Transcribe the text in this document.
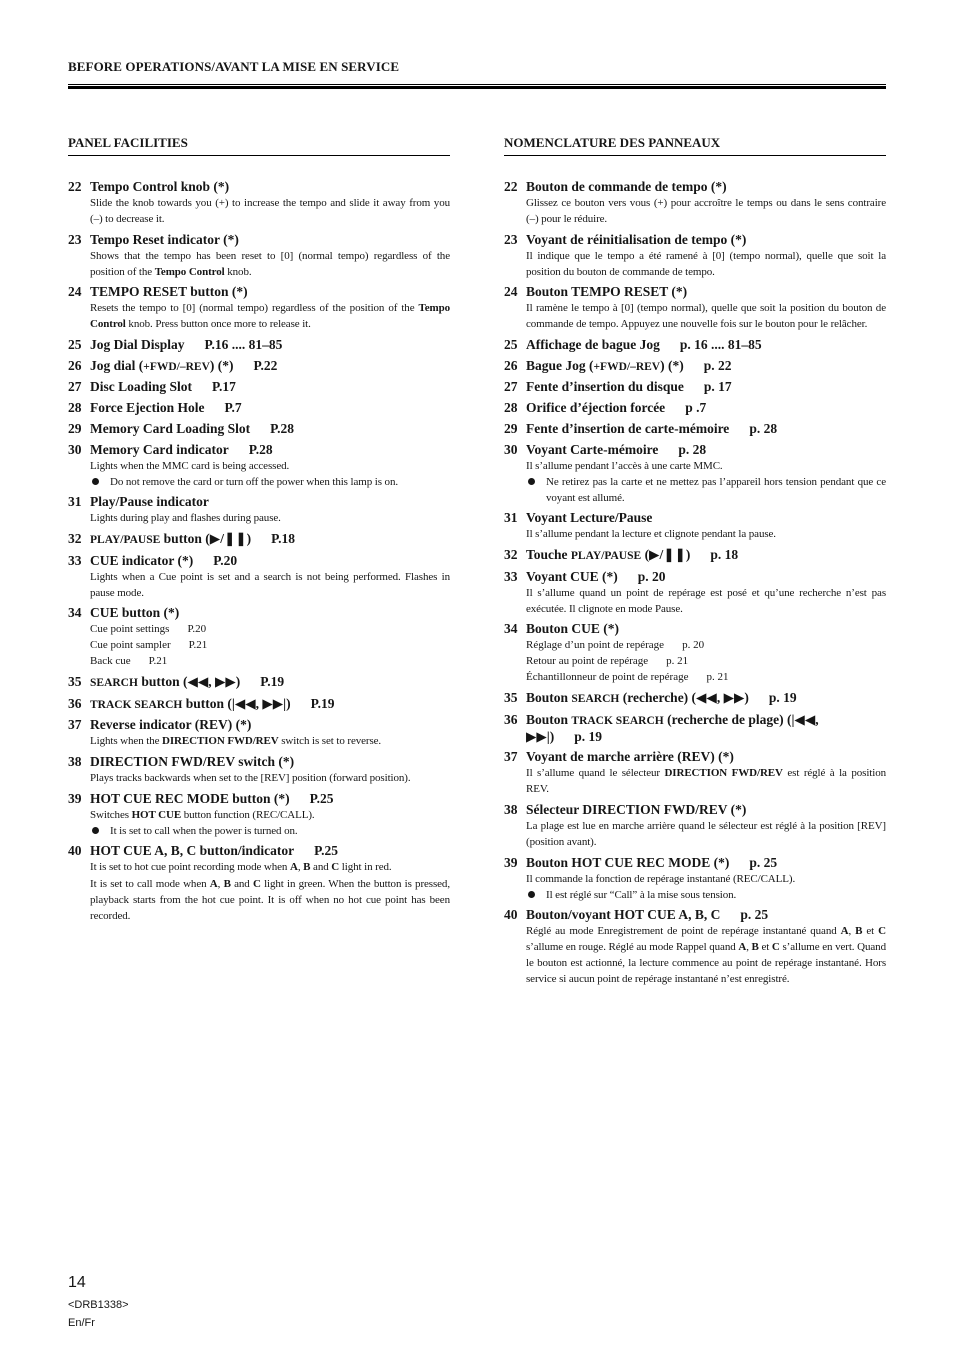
BEFORE OPERATIONS/AVANT LA MISE EN SERVICE
PANEL FACILITIES
22 Tempo Control knob (*)

Slide the knob towards you (+) to increase the tempo and slide it away from you (–) to decrease it.

23 Tempo Reset indicator (*)

Shows that the tempo has been reset to [0] (normal tempo) regardless of the position of the Tempo Control knob.

24 TEMPO RESET button (*)

Resets the tempo to [0] (normal tempo) regardless of the position of the Tempo Control knob. Press button once more to release it.

25 Jog Dial Display P.16 .... 81–85
26 Jog dial (+FWD/–REV) (*) P.22
27 Disc Loading Slot P.17
28 Force Ejection Hole P.7
29 Memory Card Loading Slot P.28
30 Memory Card indicator P.28

Lights when the MMC card is being accessed.

Do not remove the card or turn off the power when this lamp is on.
31 Play/Pause indicator

Lights during play and flashes during pause.

32 PLAY/PAUSE button (▶/❚❚) P.18
33 CUE indicator (*) P.20

Lights when a Cue point is set and a search is not being performed. Flashes in pause mode.

34 CUE button (*)
Cue point settings P.20
Cue point sampler P.21
Back cue P.21
35 SEARCH button (◀◀, ▶▶) P.19
36 TRACK SEARCH button (|◀◀, ▶▶|) P.19
37 Reverse indicator (REV) (*)

Lights when the DIRECTION FWD/REV switch is set to reverse.

38 DIRECTION FWD/REV switch (*)

Plays tracks backwards when set to the [REV] position (forward position).

39 HOT CUE REC MODE button (*) P.25

Switches HOT CUE button function (REC/CALL).

It is set to call when the power is turned on.
40 HOT CUE A, B, C button/indicator P.25

It is set to hot cue point recording mode when A, B and C light in red.

It is set to call mode when A, B and C light in green. When the button is pressed, playback starts from the hot cue point. It is off when no hot cue point has been recorded.

NOMENCLATURE DES PANNEAUX
22 Bouton de commande de tempo (*)

Glissez ce bouton vers vous (+) pour accroître le temps ou dans le sens contraire (–) pour le réduire.

23 Voyant de réinitialisation de tempo (*)

Il indique que le tempo a été ramené à [0] (tempo normal), quelle que soit la position du bouton de commande de tempo.

24 Bouton TEMPO RESET (*)

Il ramène le tempo à [0] (tempo normal), quelle que soit la position du bouton de commande de tempo. Appuyez une nouvelle fois sur le bouton pour le relâcher.

25 Affichage de bague Jog p. 16 .... 81–85
26 Bague Jog (+FWD/–REV) (*) p. 22
27 Fente d’insertion du disque p. 17
28 Orifice d’éjection forcée p .7
29 Fente d’insertion de carte-mémoire p. 28
30 Voyant Carte-mémoire p. 28

Il s’allume pendant l’accès à une carte MMC.

Ne retirez pas la carte et ne mettez pas l’appareil hors tension pendant que ce voyant est allumé.
31 Voyant Lecture/Pause

Il s’allume pendant la lecture et clignote pendant la pause.

32 Touche PLAY/PAUSE (▶/❚❚) p. 18
33 Voyant CUE (*) p. 20

Il s’allume quand un point de repérage est posé et qu’une recherche n’est pas exécutée. Il clignote en mode Pause.

34 Bouton CUE (*)
Réglage d’un point de repérage p. 20
Retour au point de repérage p. 21
Échantillonneur de point de repérage p. 21
35 Bouton SEARCH (recherche) (◀◀, ▶▶) p. 19
36 Bouton TRACK SEARCH (recherche de plage) (|◀◀, ▶▶|) p. 19
37 Voyant de marche arrière (REV) (*)

Il s’allume quand le sélecteur DIRECTION FWD/REV est réglé à la position REV.

38 Sélecteur DIRECTION FWD/REV (*)

La plage est lue en marche arrière quand le sélecteur est réglé à la position [REV] (position avant).

39 Bouton HOT CUE REC MODE (*) p. 25

Il commande la fonction de repérage instantané (REC/CALL).

Il est réglé sur “Call” à la mise sous tension.
40 Bouton/voyant HOT CUE A, B, C p. 25

Réglé au mode Enregistrement de point de repérage instantané quand A, B et C s’allume en rouge. Réglé au mode Rappel quand A, B et C s’allume en vert. Quand le bouton est actionné, la lecture commence au point de repérage instantané. Hors service si aucun point de repérage instantané n’est enregistré.

14
<DRB1338>
En/Fr
